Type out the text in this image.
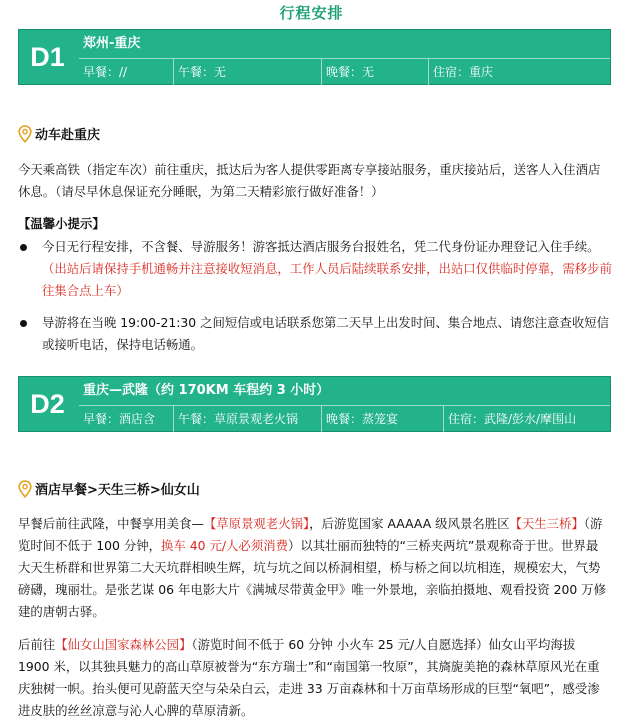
行程安排
D1	郑州-重庆
早餐：//	午餐：无	晚餐：无	住宿：重庆
动车赴重庆

今天乘高铁（指定车次）前往重庆，抵达后为客人提供零距离专享接站服务，重庆接站后，送客人入住酒店休息。（请尽早休息保证充分睡眠，为第二天精彩旅行做好准备！）

【温馨小提示】
今日无行程安排，不含餐、导游服务！游客抵达酒店服务台报姓名，凭二代身份证办理登记入住手续。（出站后请保持手机通畅并注意接收短消息，工作人员后陆续联系安排，出站口仅供临时停靠，需移步前往集合点上车）
导游将在当晚 19:00-21:30 之间短信或电话联系您第二天早上出发时间、集合地点、请您注意查收短信或接听电话，保持电话畅通。
D2	重庆—武隆（约 170KM 车程约 3 小时）
早餐：酒店含	午餐：草原景观老火锅	晚餐：蒸笼宴	住宿：武隆/彭水/摩围山
酒店早餐>天生三桥>仙女山

早餐后前往武隆，中餐享用美食—【草原景观老火锅】，后游览国家 AAAAA 级风景名胜区【天生三桥】（游览时间不低于 100 分钟，换车 40 元/人必须消费）以其壮丽而独特的“三桥夹两坑”景观称奇于世。世界最大天生桥群和世界第二大天坑群相映生辉，坑与坑之间以桥洞相望，桥与桥之间以坑相连，规模宏大，气势磅礴，瑰丽壮。是张艺谋 06 年电影大片《满城尽带黄金甲》唯一外景地，亲临拍摄地、观看投资 200 万修建的唐朝古驿。

后前往【仙女山国家森林公园】（游览时间不低于 60 分钟 小火车 25 元/人自愿选择）仙女山平均海拔 1900 米，以其独具魅力的高山草原被誉为“东方瑞士”和“南国第一牧原”，其旖旎美艳的森林草原风光在重庆独树一帜。抬头便可见蔚蓝天空与朵朵白云，走进 33 万亩森林和十万亩草场形成的巨型“氧吧”，感受渗进皮肤的丝丝凉意与沁人心脾的草原清新。
